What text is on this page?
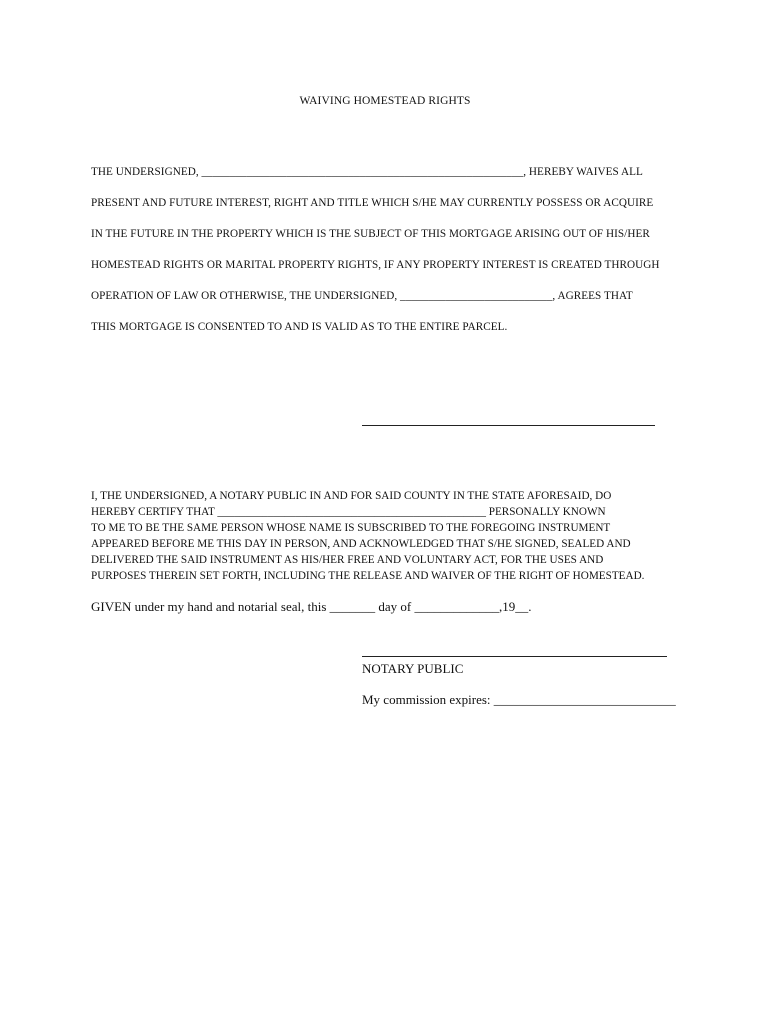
WAIVING HOMESTEAD RIGHTS
THE UNDERSIGNED, _________________________________________________________, HEREBY WAIVES ALL
PRESENT AND FUTURE INTEREST, RIGHT AND TITLE WHICH S/HE MAY CURRENTLY POSSESS OR ACQUIRE
IN THE FUTURE IN THE PROPERTY WHICH IS THE SUBJECT OF THIS MORTGAGE ARISING OUT OF HIS/HER
HOMESTEAD RIGHTS OR MARITAL PROPERTY RIGHTS, IF ANY PROPERTY INTEREST IS CREATED THROUGH
OPERATION OF LAW OR OTHERWISE, THE UNDERSIGNED, ___________________________, AGREES THAT
THIS MORTGAGE IS CONSENTED TO AND IS VALID AS TO THE ENTIRE PARCEL.
I, THE UNDERSIGNED, A NOTARY PUBLIC IN AND FOR SAID COUNTY IN THE STATE AFORESAID, DO
HEREBY CERTIFY THAT ________________________________________________ PERSONALLY KNOWN
TO ME TO BE THE SAME PERSON WHOSE NAME IS SUBSCRIBED TO THE FOREGOING INSTRUMENT
APPEARED BEFORE ME THIS DAY IN PERSON, AND ACKNOWLEDGED THAT S/HE SIGNED, SEALED AND
DELIVERED THE SAID INSTRUMENT AS HIS/HER FREE AND VOLUNTARY ACT, FOR THE USES AND
PURPOSES THEREIN SET FORTH, INCLUDING THE RELEASE AND WAIVER OF THE RIGHT OF HOMESTEAD.
GIVEN under my hand and notarial seal, this _______ day of _____________,19__.
NOTARY PUBLIC
My commission expires: ____________________________
